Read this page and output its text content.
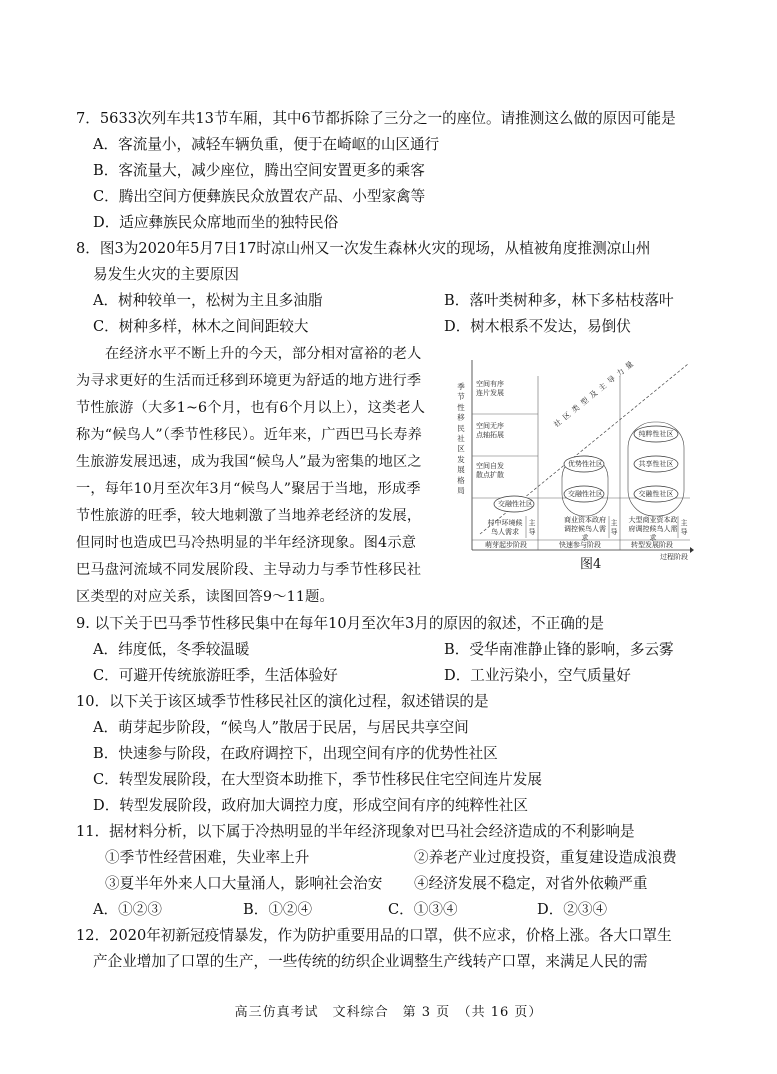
7．5633次列车共13节车厢，其中6节都拆除了三分之一的座位。请推测这么做的原因可能是
A．客流量小，减轻车辆负重，便于在崎岖的山区通行
B．客流量大，减少座位，腾出空间安置更多的乘客
C．腾出空间方便彝族民众放置农产品、小型家禽等
D．适应彝族民众席地而坐的独特民俗
8．图3为2020年5月7日17时凉山州又一次发生森林火灾的现场，从植被角度推测凉山州
易发生火灾的主要原因
A．树种较单一，松树为主且多油脂	B．落叶类树种多，林下多枯枝落叶
C．树种多样，林木之间间距较大	D．树木根系不发达，易倒伏
在经济水平不断上升的今天，部分相对富裕的老人
为寻求更好的生活而迁移到环境更为舒适的地方进行季
节性旅游（大多1~6个月，也有6个月以上），这类老人
称为“候鸟人”（季节性移民）。近年来，广西巴马长寿养
生旅游发展迅速，成为我国“候鸟人”最为密集的地区之
一，每年10月至次年3月“候鸟人”聚居于当地，形成季
节性旅游的旺季，较大地刺激了当地养老经济的发展，
但同时也造成巴马冷热明显的半年经济现象。图4示意
巴马盘河流域不同发展阶段、主导动力与季节性移民社
区类型的对应关系，读图回答9～11题。
季节性移民社区发展格局
空间有序连片发展
空间无序点轴拓展
空间自发散点扩散
社区类型及主导力量
交融性社区
优势性社区
交融性社区
纯粹性社区
共享性社区
交融性社区
村中环境候鸟人需求
商业资本政府调控候鸟人需求
大型商业资本政府调控候鸟人需求
主导
主导
主导
萌芽起步阶段	快速参与阶段	转型发展阶段
过程阶段
图4
9. 以下关于巴马季节性移民集中在每年10月至次年3月的原因的叙述，不正确的是
A．纬度低，冬季较温暖	B．受华南准静止锋的影响，多云雾
C．可避开传统旅游旺季，生活体验好	D．工业污染小，空气质量好
10．以下关于该区域季节性移民社区的演化过程，叙述错误的是
A．萌芽起步阶段，“候鸟人”散居于民居，与居民共享空间
B．快速参与阶段，在政府调控下，出现空间有序的优势性社区
C．转型发展阶段，在大型资本助推下，季节性移民住宅空间连片发展
D．转型发展阶段，政府加大调控力度，形成空间有序的纯粹性社区
11．据材料分析，以下属于冷热明显的半年经济现象对巴马社会经济造成的不利影响是
①季节性经营困难，失业率上升	②养老产业过度投资，重复建设造成浪费
③夏半年外来人口大量涌人，影响社会治安 ④经济发展不稳定，对省外依赖严重
A．①②③	B．①②④	C．①③④	D．②③④
12．2020年初新冠疫情暴发，作为防护重要用品的口罩，供不应求，价格上涨。各大口罩生
产企业增加了口罩的生产，一些传统的纺织企业调整生产线转产口罩，来满足人民的需
高三仿真考试　文科综合　第 3 页　（共 16 页）
